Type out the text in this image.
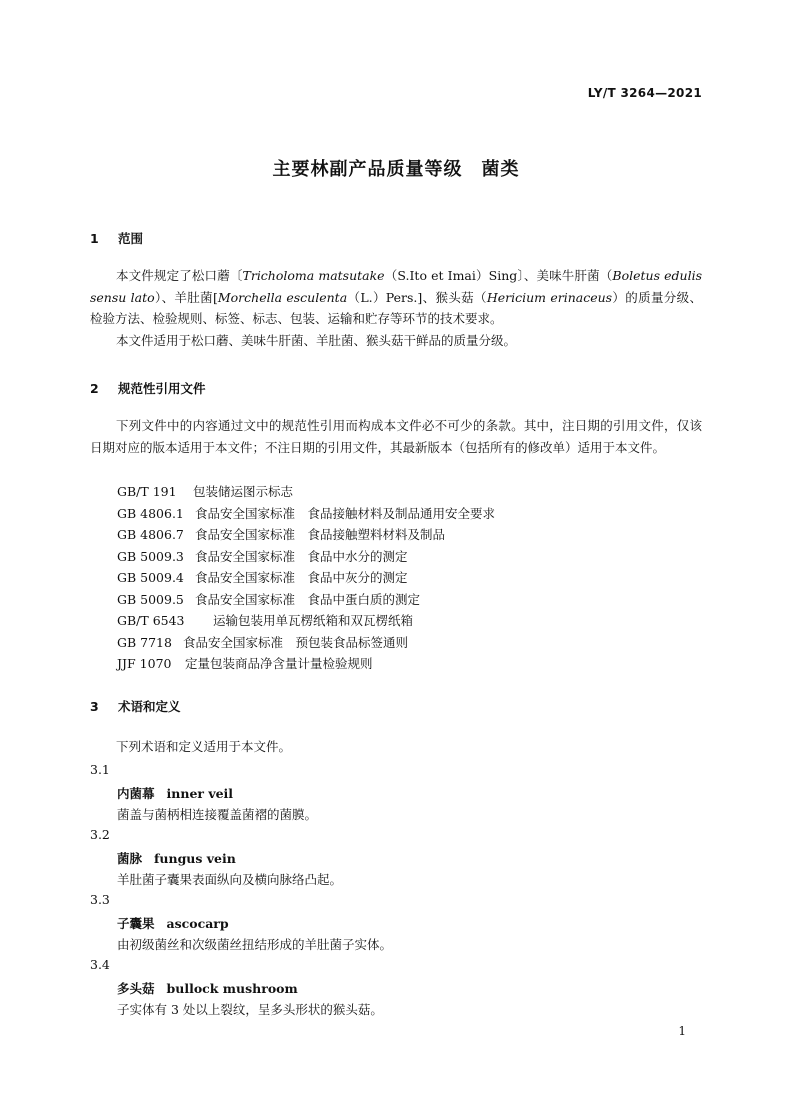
LY/T 3264—2021
主要林副产品质量等级　菌类
1 范围
本文件规定了松口蘑〔Tricholoma matsutake（S.Ito et Imai）Sing〕、美味牛肝菌（Boletus edulis sensu lato）、羊肚菌[Morchella esculenta（L.）Pers.]、猴头菇（Hericium erinaceus）的质量分级、检验方法、检验规则、标签、标志、包装、运输和贮存等环节的技术要求。
本文件适用于松口蘑、美味牛肝菌、羊肚菌、猴头菇干鲜品的质量分级。
2 规范性引用文件
下列文件中的内容通过文中的规范性引用而构成本文件必不可少的条款。其中，注日期的引用文件，仅该日期对应的版本适用于本文件；不注日期的引用文件，其最新版本（包括所有的修改单）适用于本文件。
GB/T 191 包装储运图示标志
GB 4806.1 食品安全国家标准　食品接触材料及制品通用安全要求
GB 4806.7 食品安全国家标准　食品接触塑料材料及制品
GB 5009.3 食品安全国家标准　食品中水分的测定
GB 5009.4 食品安全国家标准　食品中灰分的测定
GB 5009.5 食品安全国家标准　食品中蛋白质的测定
GB/T 6543 运输包装用单瓦楞纸箱和双瓦楞纸箱
GB 7718 食品安全国家标准　预包装食品标签通则
JJF 1070 定量包装商品净含量计量检验规则
3 术语和定义
下列术语和定义适用于本文件。
3.1
内菌幕 inner veil
菌盖与菌柄相连接覆盖菌褶的菌膜。
3.2
菌脉 fungus vein
羊肚菌子囊果表面纵向及横向脉络凸起。
3.3
子囊果 ascocarp
由初级菌丝和次级菌丝扭结形成的羊肚菌子实体。
3.4
多头菇 bullock mushroom
子实体有 3 处以上裂纹，呈多头形状的猴头菇。
1
